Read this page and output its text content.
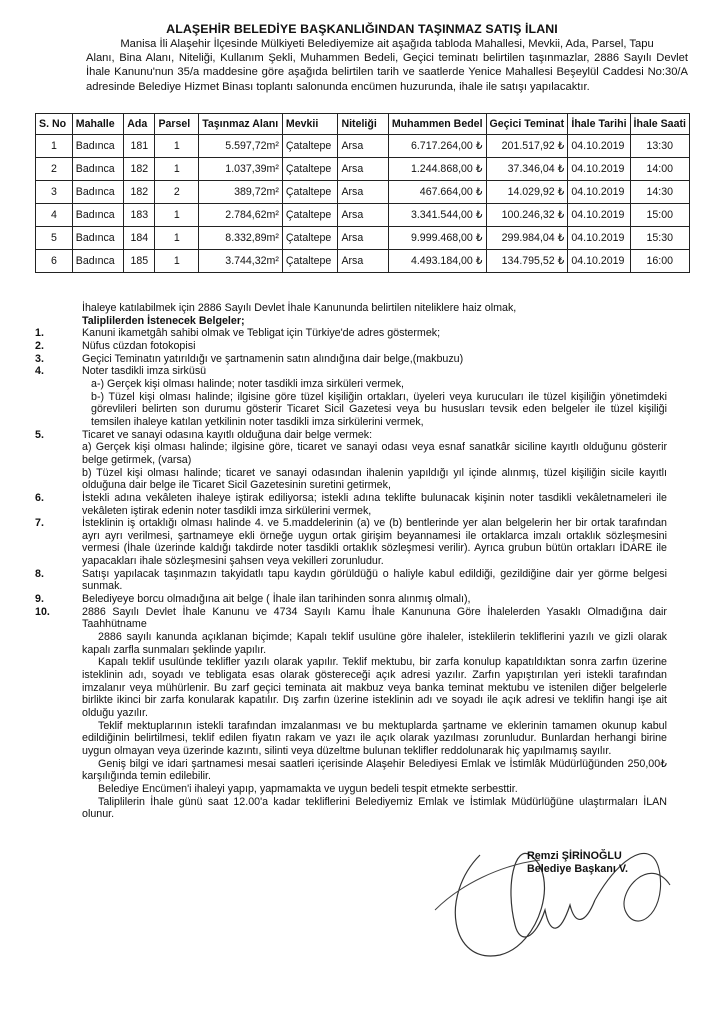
ALAŞEHİR BELEDİYE BAŞKANLIĞINDAN TAŞINMAZ SATIŞ İLANI
Manisa İli Alaşehir İlçesinde Mülkiyeti Belediyemize ait aşağıda tabloda Mahallesi, Mevkii, Ada, Parsel, Tapu
Alanı, Bina Alanı, Niteliği, Kullanım Şekli, Muhammen Bedeli, Geçici teminatı belirtilen taşınmazlar, 2886 Sayılı Devlet İhale Kanunu'nun 35/a maddesine göre aşağıda belirtilen tarih ve saatlerde Yenice Mahallesi Beşeylül Caddesi No:30/A adresinde Belediye Hizmet Binası toplantı salonunda encümen huzurunda, ihale ile satışı yapılacaktır.
S. No	Mahalle	Ada	Parsel	Taşınmaz Alanı	Mevkii	Niteliği	Muhammen Bedel	Geçici Teminat	İhale Tarihi	İhale Saati
1	Badınca	181	1	5.597,72m²	Çataltepe	Arsa	6.717.264,00 ₺	201.517,92 ₺	04.10.2019	13:30
2	Badınca	182	1	1.037,39m²	Çataltepe	Arsa	1.244.868,00 ₺	37.346,04 ₺	04.10.2019	14:00
3	Badınca	182	2	389,72m²	Çataltepe	Arsa	467.664,00 ₺	14.029,92 ₺	04.10.2019	14:30
4	Badınca	183	1	2.784,62m²	Çataltepe	Arsa	3.341.544,00 ₺	100.246,32 ₺	04.10.2019	15:00
5	Badınca	184	1	8.332,89m²	Çataltepe	Arsa	9.999.468,00 ₺	299.984,04 ₺	04.10.2019	15:30
6	Badınca	185	1	3.744,32m²	Çataltepe	Arsa	4.493.184,00 ₺	134.795,52 ₺	04.10.2019	16:00

İhaleye katılabilmek için 2886 Sayılı Devlet İhale Kanununda belirtilen niteliklere haiz olmak,

Taliplilerden İstenecek Belgeler;

1.	Kanuni ikametgâh sahibi olmak ve Tebligat için Türkiye'de adres göstermek;
2.	Nüfus cüzdan fotokopisi
3.	Geçici Teminatın yatırıldığı ve şartnamenin satın alındığına dair belge,(makbuzu)
4.	Noter tasdikli imza sirküsü
a-) Gerçek kişi olması halinde; noter tasdikli imza sirküleri vermek,
b-) Tüzel kişi olması halinde; ilgisine göre tüzel kişiliğin ortakları, üyeleri veya kurucuları ile tüzel kişiliğin yönetimdeki görevlileri belirten son durumu gösterir Ticaret Sicil Gazetesi veya bu hususları tevsik eden belgeler ile tüzel kişiliği temsilen ihaleye katılan yetkilinin noter tasdikli imza sirkülerini vermek,
5.	Ticaret ve sanayi odasına kayıtlı olduğuna dair belge vermek:
a) Gerçek kişi olması halinde; ilgisine göre, ticaret ve sanayi odası veya esnaf sanatkâr siciline kayıtlı olduğunu gösterir belge getirmek, (varsa)
b) Tüzel kişi olması halinde; ticaret ve sanayi odasından ihalenin yapıldığı yıl içinde alınmış, tüzel kişiliğin sicile kayıtlı olduğuna dair belge ile Ticaret Sicil Gazetesinin suretini getirmek,
6.	İstekli adına vekâleten ihaleye iştirak ediliyorsa; istekli adına teklifte bulunacak kişinin noter tasdikli vekâletnameleri ile vekâleten iştirak edenin noter tasdikli imza sirkülerini vermek,
7.	İsteklinin iş ortaklığı olması halinde 4. ve 5.maddelerinin (a) ve (b) bentlerinde yer alan belgelerin her bir ortak tarafından ayrı ayrı verilmesi, şartnameye ekli örneğe uygun ortak girişim beyannamesi ile ortaklarca imzalı ortaklık sözleşmesini vermesi (İhale üzerinde kaldığı takdirde noter tasdikli ortaklık sözleşmesi verilir). Ayrıca grubun bütün ortakları İDARE ile yapacakları ihale sözleşmesini şahsen veya vekilleri zorunludur.
8.	Satışı yapılacak taşınmazın takyidatlı tapu kaydın görüldüğü o haliyle kabul edildiği, gezildiğine dair yer görme belgesi sunmak.
9.	Belediyeye borcu olmadığına ait belge ( İhale ilan tarihinden sonra alınmış olmalı),
10.	2886 Sayılı Devlet İhale Kanunu ve 4734 Sayılı Kamu İhale Kanununa Göre İhalelerden Yasaklı Olmadığına dair Taahhütname

2886 sayılı kanunda açıklanan biçimde; Kapalı teklif usulüne göre ihaleler, isteklilerin tekliflerini yazılı ve gizli olarak kapalı zarfla sunmaları şeklinde yapılır.

Kapalı teklif usulünde teklifler yazılı olarak yapılır. Teklif mektubu, bir zarfa konulup kapatıldıktan sonra zarfın üzerine isteklinin adı, soyadı ve tebligata esas olarak göstereceği açık adresi yazılır. Zarfın yapıştırılan yeri istekli tarafından imzalanır veya mühürlenir. Bu zarf geçici teminata ait makbuz veya banka teminat mektubu ve istenilen diğer belgelerle birlikte ikinci bir zarfa konularak kapatılır. Dış zarfın üzerine isteklinin adı ve soyadı ile açık adresi ve teklifin hangi işe ait olduğu yazılır.

Teklif mektuplarının istekli tarafından imzalanması ve bu mektuplarda şartname ve eklerinin tamamen okunup kabul edildiğinin belirtilmesi, teklif edilen fiyatın rakam ve yazı ile açık olarak yazılması zorunludur. Bunlardan herhangi birine uygun olmayan veya üzerinde kazıntı, silinti veya düzeltme bulunan teklifler reddolunarak hiç yapılmamış sayılır.

Geniş bilgi ve idari şartnamesi mesai saatleri içerisinde Alaşehir Belediyesi Emlak ve İstimlâk Müdürlüğünden 250,00₺ karşılığında temin edilebilir.

Belediye Encümen'i ihaleyi yapıp, yapmamakta ve uygun bedeli tespit etmekte serbesttir.

Taliplilerin İhale günü saat 12.00'a kadar tekliflerini Belediyemiz Emlak ve İstimlak Müdürlüğüne ulaştırmaları İLAN olunur.

Remzi ŞİRİNOĞLU
Belediye Başkanı V.
